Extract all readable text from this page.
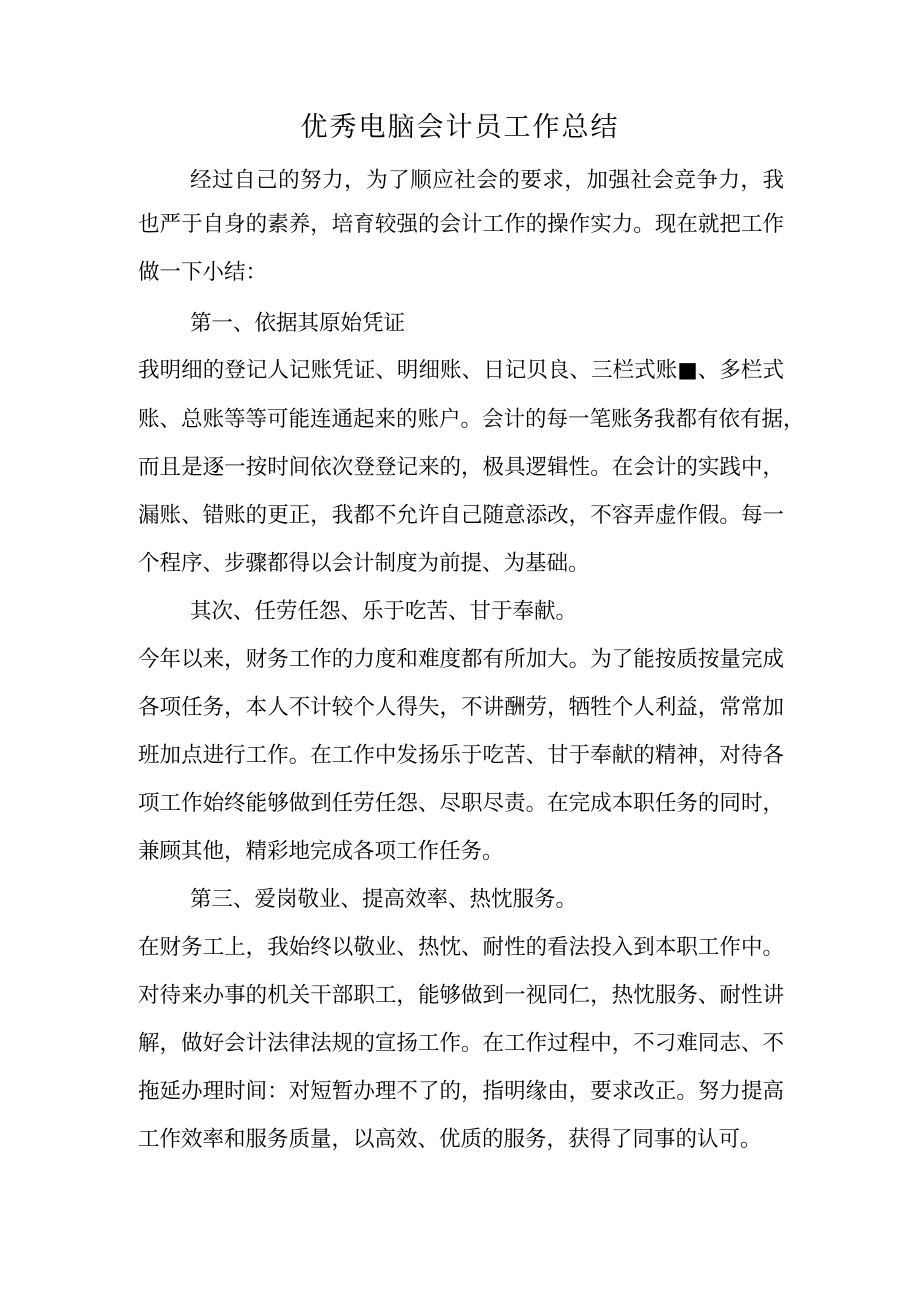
优秀电脑会计员工作总结
经过自己的努力，为了顺应社会的要求，加强社会竞争力，我
也严于自身的素养，培育较强的会计工作的操作实力。现在就把工作
做一下小结：
第一、依据其原始凭证
我明细的登记人记账凭证、明细账、日记贝良、三栏式账■、多栏式
账、总账等等可能连通起来的账户。会计的每一笔账务我都有依有据，
而且是逐一按时间依次登登记来的，极具逻辑性。在会计的实践中，
漏账、错账的更正，我都不允许自己随意添改，不容弄虚作假。每一
个程序、步骤都得以会计制度为前提、为基础。
其次、任劳任怨、乐于吃苦、甘于奉献。
今年以来，财务工作的力度和难度都有所加大。为了能按质按量完成
各项任务，本人不计较个人得失，不讲酬劳，牺牲个人利益，常常加
班加点进行工作。在工作中发扬乐于吃苦、甘于奉献的精神，对待各
项工作始终能够做到任劳任怨、尽职尽责。在完成本职任务的同时，
兼顾其他，精彩地完成各项工作任务。
第三、爱岗敬业、提高效率、热忱服务。
在财务工上，我始终以敬业、热忱、耐性的看法投入到本职工作中。
对待来办事的机关干部职工，能够做到一视同仁，热忱服务、耐性讲
解，做好会计法律法规的宣扬工作。在工作过程中，不刁难同志、不
拖延办理时间：对短暂办理不了的，指明缘由，要求改正。努力提高
工作效率和服务质量，以高效、优质的服务，获得了同事的认可。
